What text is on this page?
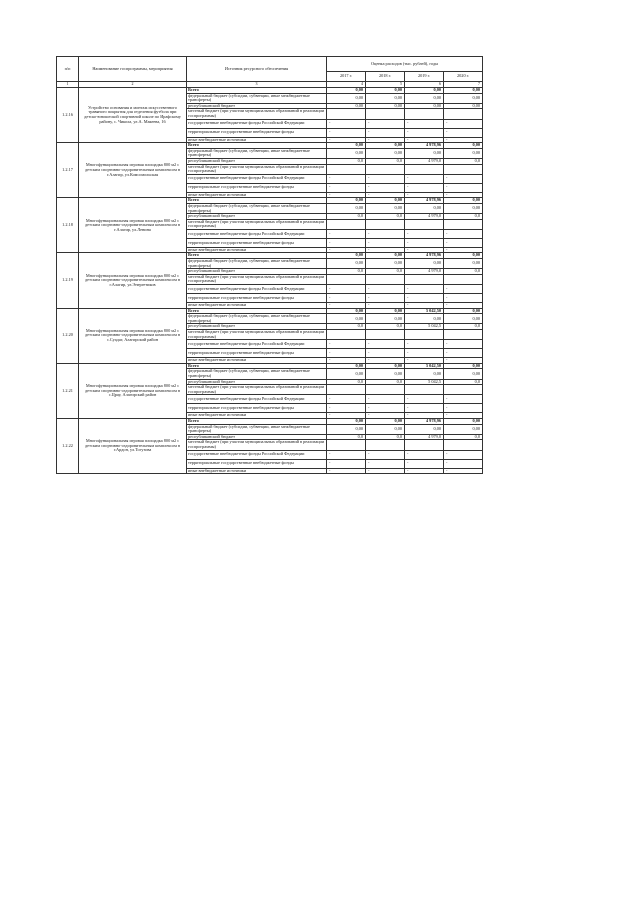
п/п	Наименование госпрограммы, мероприятия	Источник ресурсного обеспечения	Оценка расходов (тыс. рублей), годы			
			2017 г.	2018 г.	2019 г.	2020 г.
1	2	3	4	5	6	7
1.2.16	Устройство основания и монтаж искусственного травяного покрытия для отделения футбола при детско-юношеской спортивной школе по Ирафскому району, с. Чикола, ул.А. Макеева, 16	Всего	0,00	0,00	0,00	0,00
		федеральный бюджет (субсидии, субвенции, иные межбюджетные трансферты)	0,00	0,00	0,00	0,00
		республиканский бюджет	0,00	0,00	0,00	0,00
		местный бюджет (при участии муниципальных образований в реализации госпрограммы)				
		государственные внебюджетные фонды Российской Федерации	-	-	-	-
		территориальные государственные внебюджетные фонды	-	-	-	-
		иные внебюджетные источники	-	-	-	-
1.2.17	Многофункциональная игровая площадка 800 м2 с детским спортивно-оздоровительным комплексом в г.Алагир, ул.Комсомольская	Всего	0,00	0,00	4 978,96	0,00
		федеральный бюджет (субсидии, субвенции, иные межбюджетные трансферты)	0,00	0,00	0,00	0,00
		республиканский бюджет	0,0	0,0	4 979,0	0,0
		местный бюджет (при участии муниципальных образований в реализации госпрограммы)				
		государственные внебюджетные фонды Российской Федерации	-	-	-	-
		территориальные государственные внебюджетные фонды	-	-	-	-
		иные внебюджетные источники	-	-	-	-
1.2.18	Многофункциональная игровая площадка 800 м2 с детским спортивно-оздоровительным комплексом в г.Алагир, ул.Ленина	Всего	0,00	0,00	4 978,96	0,00
		федеральный бюджет (субсидии, субвенции, иные межбюджетные трансферты)	0,00	0,00	0,00	0,00
		республиканский бюджет	0,0	0,0	4 979,0	0,0
		местный бюджет (при участии муниципальных образований в реализации госпрограммы)				
		государственные внебюджетные фонды Российской Федерации	-	-	-	-
		территориальные государственные внебюджетные фонды	-	-	-	-
		иные внебюджетные источники	-	-	-	-
1.2.19	Многофункциональная игровая площадка 800 м2 с детским спортивно-оздоровительным комплексом в г.Алагир, ул.Энергетиков	Всего	0,00	0,00	4 978,96	0,00
		федеральный бюджет (субсидии, субвенции, иные межбюджетные трансферты)	0,00	0,00	0,00	0,00
		республиканский бюджет	0,0	0,0	4 979,0	0,0
		местный бюджет (при участии муниципальных образований в реализации госпрограммы)				
		государственные внебюджетные фонды Российской Федерации	-	-	-	-
		территориальные государственные внебюджетные фонды	-	-	-	-
		иные внебюджетные источники	-	-	-	-
1.2.20	Многофункциональная игровая площадка 800 м2 с детским спортивно-оздоровительным комплексом в с.Суадаг, Алагирский район	Всего	0,00	0,00	5 042,50	0,00
		федеральный бюджет (субсидии, субвенции, иные межбюджетные трансферты)	0,00	0,00	0,00	0,00
		республиканский бюджет	0,0	0,0	5 042,5	0,0
		местный бюджет (при участии муниципальных образований в реализации госпрограммы)				
		государственные внебюджетные фонды Российской Федерации	-	-	-	-
		территориальные государственные внебюджетные фонды	-	-	-	-
		иные внебюджетные источники	-	-	-	-
1.2.21	Многофункциональная игровая площадка 800 м2 с детским спортивно-оздоровительным комплексом в с.Црау, Алагирский район	Всего	0,00	0,00	5 042,50	0,00
		федеральный бюджет (субсидии, субвенции, иные межбюджетные трансферты)	0,00	0,00	0,00	0,00
		республиканский бюджет	0,0	0,0	5 042,5	0,0
		местный бюджет (при участии муниципальных образований в реализации госпрограммы)				
		государственные внебюджетные фонды Российской Федерации	-	-	-	-
		территориальные государственные внебюджетные фонды	-	-	-	-
		иные внебюджетные источники	-	-	-	-
1.2.22	Многофункциональная игровая площадка 800 м2 с детским спортивно-оздоровительным комплексом в г.Ардон, ул.Тогузова	Всего	0,00	0,00	4 978,96	0,00
		федеральный бюджет (субсидии, субвенции, иные межбюджетные трансферты)	0,00	0,00	0,00	0,00
		республиканский бюджет	0,0	0,0	4 979,0	0,0
		местный бюджет (при участии муниципальных образований в реализации госпрограммы)				
		государственные внебюджетные фонды Российской Федерации	-	-	-	-
		территориальные государственные внебюджетные фонды	-	-	-	-
		иные внебюджетные источники	-	-	-	-
